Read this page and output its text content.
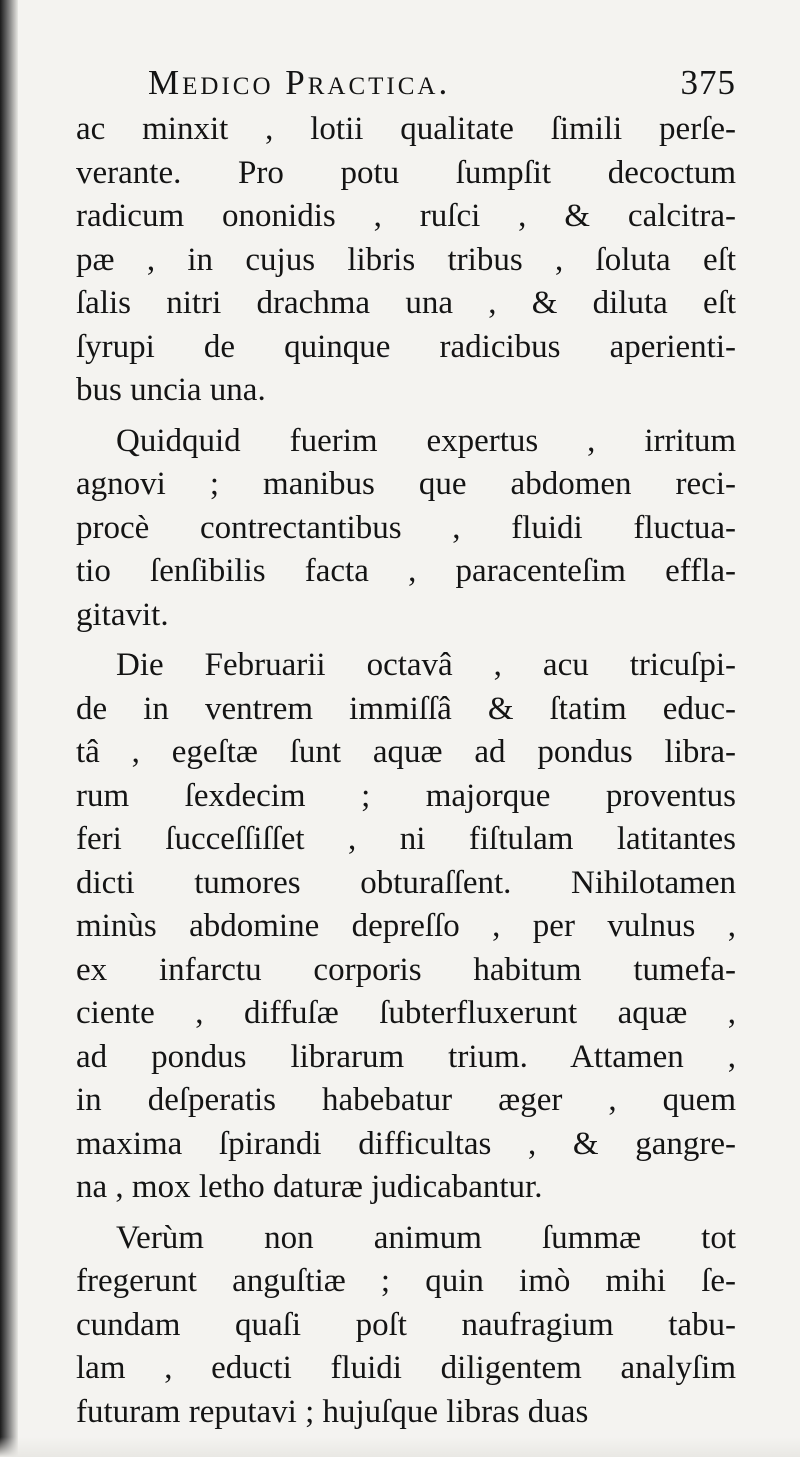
Medico Practica.	375
ac minxit , lotii qualitate ſimili perſe-
verante. Pro potu ſumpſit decoctum
radicum ononidis , ruſci , & calcitra-
pæ , in cujus libris tribus , ſoluta eſt
ſalis nitri drachma una , & diluta eſt
ſyrupi de quinque radicibus aperienti-
bus uncia una.
Quidquid fuerim expertus , irritum
agnovi ; manibus que abdomen reci-
procè contrectantibus , fluidi fluctua-
tio ſenſibilis facta , paracenteſim effla-
gitavit.
Die Februarii octavâ , acu tricuſpi-
de in ventrem immiſſâ & ſtatim educ-
tâ , egeſtæ ſunt aquæ ad pondus libra-
rum ſexdecim ; majorque proventus
feri ſucceſſiſſet , ni fiſtulam latitantes
dicti tumores obturaſſent. Nihilotamen
minùs abdomine depreſſo , per vulnus ,
ex infarctu corporis habitum tumefa-
ciente , diffuſæ ſubterfluxerunt aquæ ,
ad pondus librarum trium. Attamen ,
in deſperatis habebatur æger , quem
maxima ſpirandi difficultas , & gangre-
na , mox letho daturæ judicabantur.
Verùm non animum ſummæ tot
fregerunt anguſtiæ ; quin imò mihi ſe-
cundam quaſi poſt naufragium tabu-
lam , educti fluidi diligentem analyſim
futuram reputavi ; hujuſque libras duas
